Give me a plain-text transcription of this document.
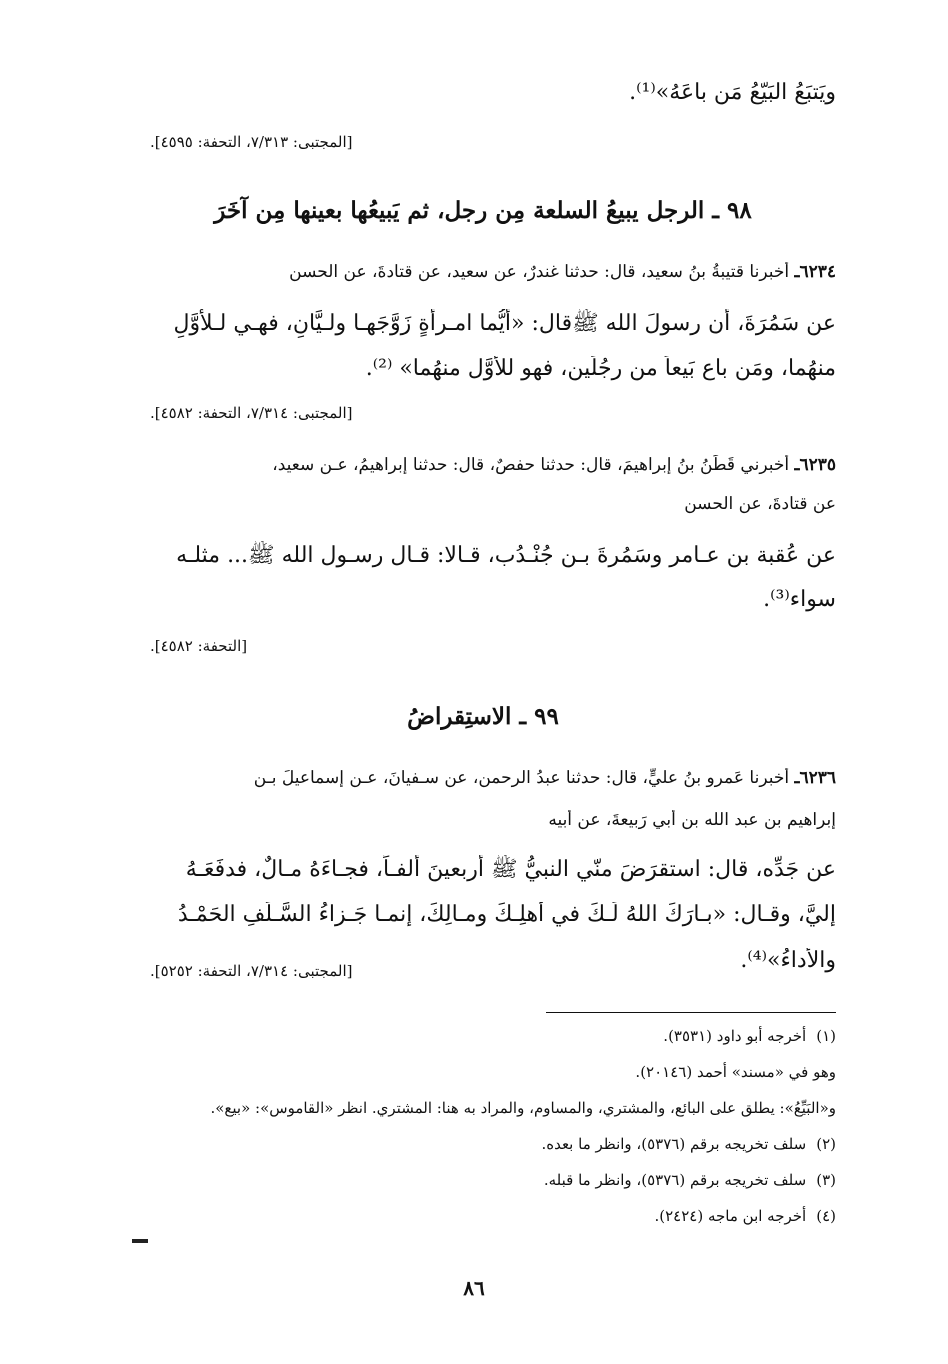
ويَتبَعُ البَيّعُ مَن باعَهُ»⁽¹⁾.
[المجتبى: ٧/٣١٣، التحفة: ٤٥٩٥].
٩٨ ـ الرجل يبيعُ السلعة مِن رجل، ثم يَبيعُها بعينها مِن آخَرَ
٦٢٣٤ـ أخبرنا قتيبةُ بنُ سعيد، قال: حدثنا غندرٌ، عن سعيد، عن قتادةَ، عن الحسنِ
عن سَمُرَةَ، أن رسولَ الله ﷺقال: «أيُّما امـرأةٍ زَوَّجَهـا ولـيَّانِ، فهـي لـلأوَّلِ
منهُما، ومَن باع بَيعاً من رجُلَين، فهو للأوَّل منهُما» ⁽²⁾.
[المجتبى: ٧/٣١٤، التحفة: ٤٥٨٢].
٦٢٣٥ـ أخبرني قَطَنُ بنُ إبراهيمَ، قال: حدثنا حفصٌ، قال: حدثنا إبراهيمُ، عـن سعيد،
عن قتادةَ، عن الحسن
عن عُقبة بن عـامر وسَمُرةَ بـن جُنْـدُب، قـالا: قـال رسـول الله ﷺ... مثلـه
سواء⁽³⁾.
[التحفة: ٤٥٨٢].
٩٩ ـ الاستِقراضُ
٦٢٣٦ـ أخبرنا عَمرو بنُ عليٍّ، قال: حدثنا عبدُ الرحمن، عن سـفيانَ، عـن إسماعيلَ بـن
إبراهيم بن عبد الله بن أبي رَبيعةَ، عن أبيه
عن جَدِّه، قال: استقرَضَ منّي النبيُّ ﷺ أربعينَ ألفـاً، فجـاءَهُ مـالٌ، فدفَعَـهُ
إليَّ، وقـال: «بـارَكَ اللهُ لَـكَ في أهلِـكَ ومـالِكَ، إنمـا جَـزاءُ السَّـلَفِ الحَمْـدُ
والأداءُ»⁽⁴⁾.
[المجتبى: ٧/٣١٤، التحفة: ٥٢٥٢].
(١)أخرجه أبو داود (٣٥٣١).
وهو في «مسند» أحمد (٢٠١٤٦).
و«البَيِّعُ»: يطلق على البائع، والمشتري، والمساوم، والمراد به هنا: المشتري. انظر «القاموس»: «بيع».
(٢)سلف تخريجه برقم (٥٣٧٦)، وانظر ما بعده.
(٣)سلف تخريجه برقم (٥٣٧٦)، وانظر ما قبله.
(٤)أخرجه ابن ماجه (٢٤٢٤).
٨٦
